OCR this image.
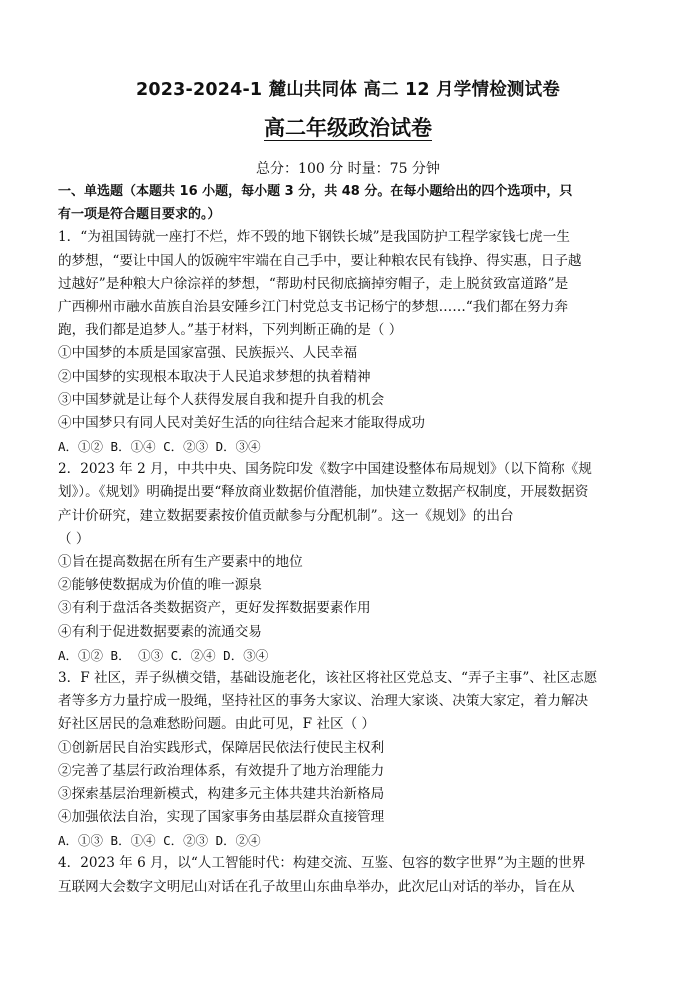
2023-2024-1 麓山共同体 高二 12 月学情检测试卷
高二年级政治试卷
总分：100 分 时量：75 分钟
一、单选题（本题共 16 小题，每小题 3 分，共 48 分。在每小题给出的四个选项中，只
有一项是符合题目要求的。）
1．“为祖国铸就一座打不烂，炸不毁的地下钢铁长城”是我国防护工程学家钱七虎一生
的梦想，“要让中国人的饭碗牢牢端在自己手中，要让种粮农民有钱挣、得实惠，日子越
过越好”是种粮大户徐淙祥的梦想，“帮助村民彻底摘掉穷帽子，走上脱贫致富道路”是
广西柳州市融水苗族自治县安陲乡江门村党总支书记杨宁的梦想……“我们都在努力奔
跑，我们都是追梦人。”基于材料，下列判断正确的是（ ）
①中国梦的本质是国家富强、民族振兴、人民幸福
②中国梦的实现根本取决于人民追求梦想的执着精神
③中国梦就是让每个人获得发展自我和提升自我的机会
④中国梦只有同人民对美好生活的向往结合起来才能取得成功
A．①② B．①④ C．②③ D．③④
2．2023 年 2 月，中共中央、国务院印发《数字中国建设整体布局规划》（以下简称《规
划》）。《规划》明确提出要“释放商业数据价值潜能，加快建立数据产权制度，开展数据资
产计价研究，建立数据要素按价值贡献参与分配机制”。这一《规划》的出台
（ ）
①旨在提高数据在所有生产要素中的地位
②能够使数据成为价值的唯一源泉
③有利于盘活各类数据资产，更好发挥数据要素作用
④有利于促进数据要素的流通交易
A．①② B． ①③ C．②④ D．③④
3．F 社区，弄子纵横交错，基础设施老化，该社区将社区党总支、“弄子主事”、社区志愿
者等多方力量拧成一股绳，坚持社区的事务大家议、治理大家谈、决策大家定，着力解决
好社区居民的急难愁盼问题。由此可见，F 社区（ ）
①创新居民自治实践形式，保障居民依法行使民主权利
②完善了基层行政治理体系，有效提升了地方治理能力
③探索基层治理新模式，构建多元主体共建共治新格局
④加强依法自治，实现了国家事务由基层群众直接管理
A．①③ B．①④ C．②③ D．②④
4．2023 年 6 月，以“人工智能时代：构建交流、互鉴、包容的数字世界”为主题的世界
互联网大会数字文明尼山对话在孔子故里山东曲阜举办，此次尼山对话的举办，旨在从
